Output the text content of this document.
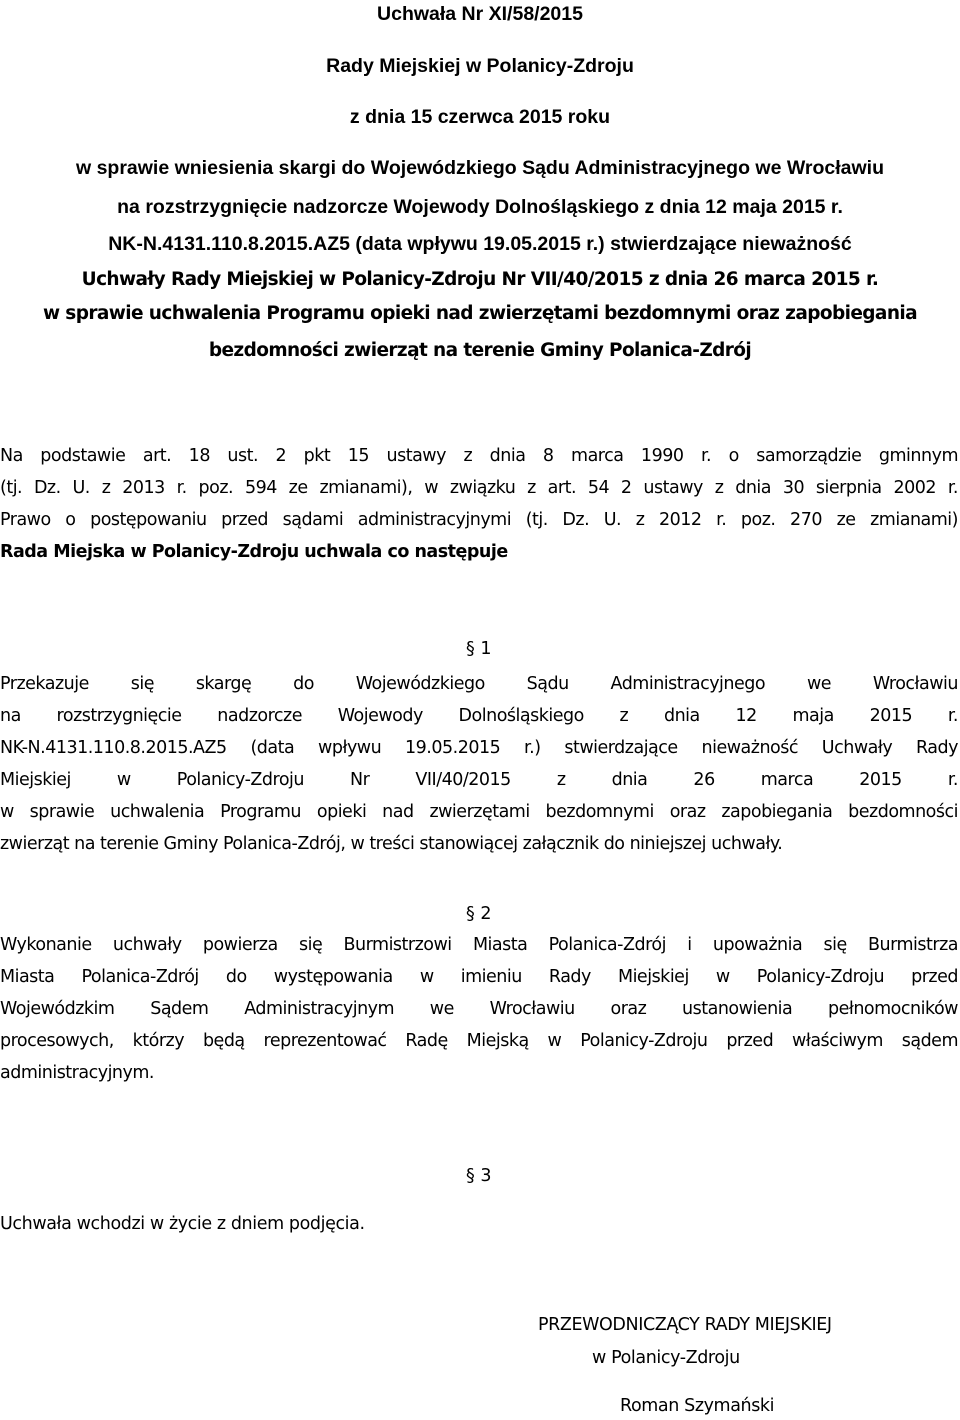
Uchwała Nr XI/58/2015
Rady Miejskiej w Polanicy-Zdroju
z dnia 15 czerwca 2015 roku
w sprawie wniesienia skargi do Wojewódzkiego Sądu Administracyjnego we Wrocławiu
na rozstrzygnięcie nadzorcze Wojewody Dolnośląskiego z dnia 12 maja 2015 r.
NK-N.4131.110.8.2015.AZ5 (data wpływu 19.05.2015 r.) stwierdzające nieważność
Uchwały Rady Miejskiej w Polanicy-Zdroju Nr VII/40/2015 z dnia 26 marca 2015 r.
w sprawie uchwalenia Programu opieki nad zwierzętami bezdomnymi oraz zapobiegania
bezdomności zwierząt na terenie Gminy Polanica-Zdrój
Na podstawie art. 18 ust. 2 pkt 15 ustawy z dnia 8 marca 1990 r. o samorządzie gminnym
(tj. Dz. U. z 2013 r. poz. 594 ze zmianami), w związku z art. 54 2 ustawy z dnia 30 sierpnia 2002 r.
Prawo o postępowaniu przed sądami administracyjnymi (tj. Dz. U. z 2012 r. poz. 270 ze zmianami)
Rada Miejska w Polanicy-Zdroju uchwala co następuje
§ 1
Przekazuje się skargę do Wojewódzkiego Sądu Administracyjnego we Wrocławiu
na rozstrzygnięcie nadzorcze Wojewody Dolnośląskiego z dnia 12 maja 2015 r.
NK-N.4131.110.8.2015.AZ5 (data wpływu 19.05.2015 r.) stwierdzające nieważność Uchwały Rady
Miejskiej w Polanicy-Zdroju Nr VII/40/2015 z dnia 26 marca 2015 r.
w sprawie uchwalenia Programu opieki nad zwierzętami bezdomnymi oraz zapobiegania bezdomności
zwierząt na terenie Gminy Polanica-Zdrój, w treści stanowiącej załącznik do niniejszej uchwały.
§ 2
Wykonanie uchwały powierza się Burmistrzowi Miasta Polanica-Zdrój i upoważnia się Burmistrza
Miasta Polanica-Zdrój do występowania w imieniu Rady Miejskiej w Polanicy-Zdroju przed
Wojewódzkim Sądem Administracyjnym we Wrocławiu oraz ustanowienia pełnomocników
procesowych, którzy będą reprezentować Radę Miejską w Polanicy-Zdroju przed właściwym sądem
administracyjnym.
§ 3
Uchwała wchodzi w życie z dniem podjęcia.
PRZEWODNICZĄCY RADY MIEJSKIEJ
w Polanicy-Zdroju
Roman Szymański
